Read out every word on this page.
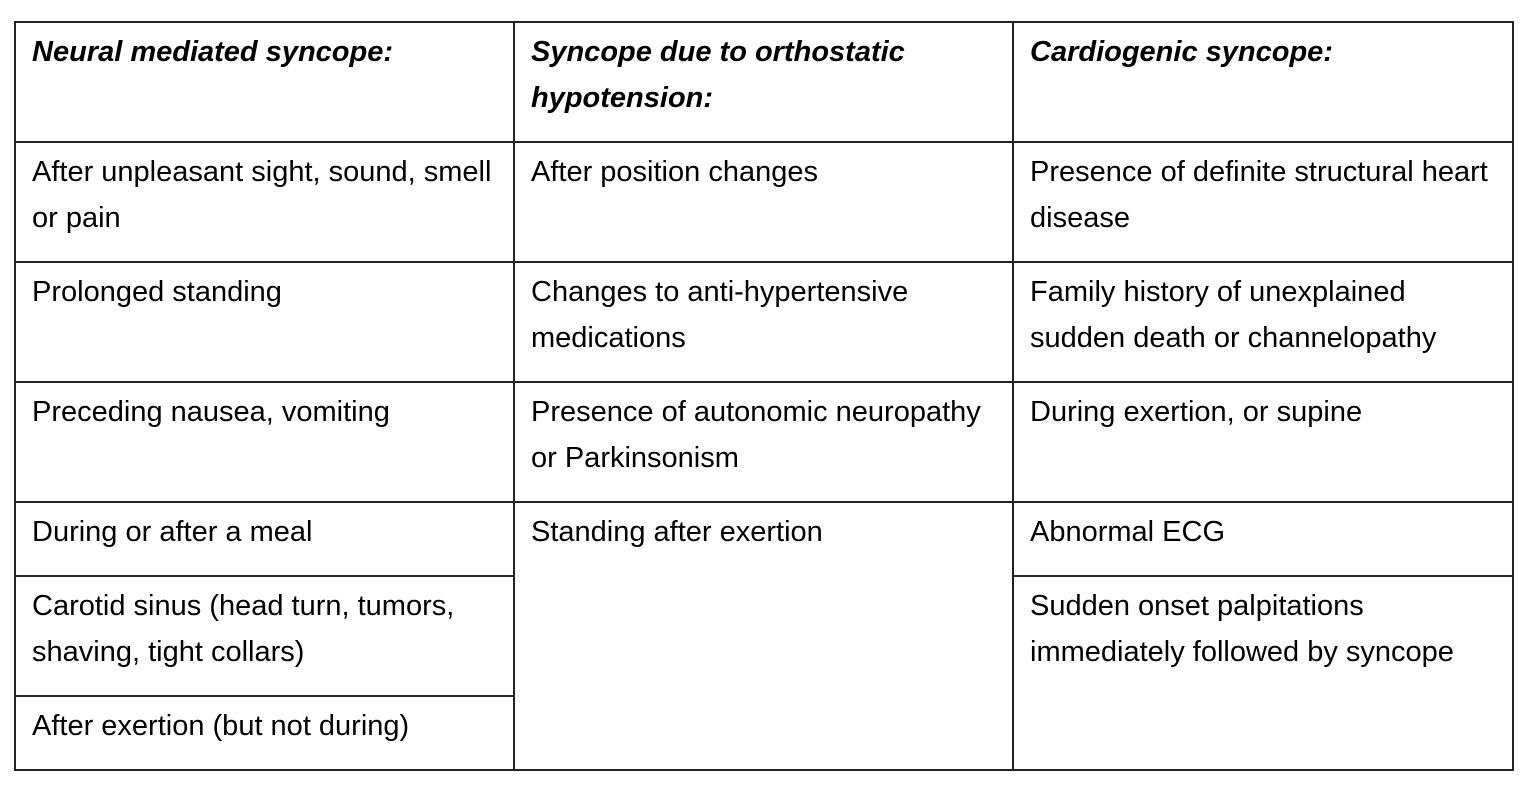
Neural mediated syncope:	Syncope due to orthostatic hypotension:	Cardiogenic syncope:
After unpleasant sight, sound, smell or pain	After position changes	Presence of definite structural heart disease
Prolonged standing	Changes to anti-hypertensive medications	Family history of unexplained sudden death or channelopathy
Preceding nausea, vomiting	Presence of autonomic neuropathy or Parkinsonism	During exertion, or supine
During or after a meal	Standing after exertion	Abnormal ECG
Carotid sinus (head turn, tumors, shaving, tight collars)		Sudden onset palpitations immediately followed by syncope
After exertion (but not during)		
